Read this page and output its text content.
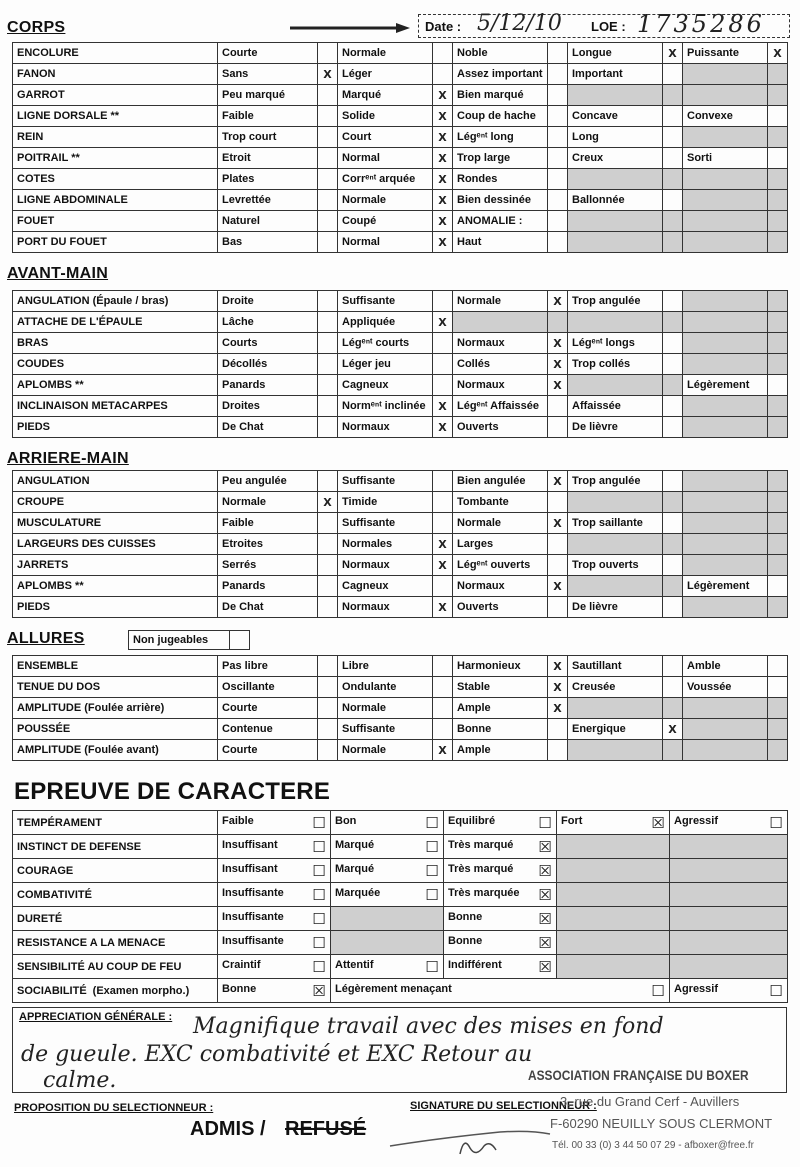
CORPS	Date : 5/12/10 LOE : 1735286
ENCOLURE	Courte		Normale		Noble		Longue	X	Puissante	X
FANON	Sans	X	Léger		Assez important		Important			
GARROT	Peu marqué		Marqué	X	Bien marqué					
LIGNE DORSALE **	Faible		Solide	X	Coup de hache		Concave		Convexe	
REIN	Trop court		Court	X	Légᵉⁿᵗ long		Long			
POITRAIL **	Etroit		Normal	X	Trop large		Creux		Sorti	
COTES	Plates		Corrᵉⁿᵗ arquée	X	Rondes					
LIGNE ABDOMINALE	Levrettée		Normale	X	Bien dessinée		Ballonnée			
FOUET	Naturel		Coupé	X	ANOMALIE :					
PORT DU FOUET	Bas		Normal	X	Haut					
AVANT-MAIN
ANGULATION (Épaule / bras)	Droite		Suffisante		Normale	X	Trop angulée			
ATTACHE DE L'ÉPAULE	Lâche		Appliquée	X						
BRAS	Courts		Légᵉⁿᵗ courts		Normaux	X	Légᵉⁿᵗ longs			
COUDES	Décollés		Léger jeu		Collés	X	Trop collés			
APLOMBS **	Panards		Cagneux		Normaux	X			Légèrement	
INCLINAISON METACARPES	Droites		Normᵉⁿᵗ inclinée	X	Légᵉⁿᵗ Affaissée		Affaissée			
PIEDS	De Chat		Normaux	X	Ouverts		De lièvre			
ARRIERE-MAIN
ANGULATION	Peu angulée		Suffisante		Bien angulée	X	Trop angulée			
CROUPE	Normale	X	Timide		Tombante					
MUSCULATURE	Faible		Suffisante		Normale	X	Trop saillante			
LARGEURS DES CUISSES	Etroites		Normales	X	Larges					
JARRETS	Serrés		Normaux	X	Légᵉⁿᵗ ouverts		Trop ouverts			
APLOMBS **	Panards		Cagneux		Normaux	X			Légèrement	
PIEDS	De Chat		Normaux	X	Ouverts		De lièvre			
ALLURES	Non jugeables
ENSEMBLE	Pas libre		Libre		Harmonieux	X	Sautillant		Amble	
TENUE DU DOS	Oscillante		Ondulante		Stable	X	Creusée		Voussée	
AMPLITUDE (Foulée arrière)	Courte		Normale		Ample	X				
POUSSÉE	Contenue		Suffisante		Bonne		Energique	X		
AMPLITUDE (Foulée avant)	Courte		Normale	X	Ample					
EPREUVE DE CARACTERE
TEMPÉRAMENT	Faible ☐	Bon ☐	Equilibré ☐	Fort ☒	Agressif ☐

INSTINCT DE DEFENSE	Insuffisant ☐	Marqué ☐	Très marqué ☒		

COURAGE	Insuffisant ☐	Marqué ☐	Très marqué ☒		

COMBATIVITÉ	Insuffisante ☐	Marquée ☐	Très marquée ☒		

DURETÉ	Insuffisante ☐		Bonne ☒		

RESISTANCE A LA MENACE	Insuffisante ☐		Bonne ☒		

SENSIBILITÉ AU COUP DE FEU	Craintif ☐	Attentif ☐	Indifférent ☒		

SOCIABILITÉ (Examen morpho.)	Bonne ☒	Légèrement menaçant ☐			Agressif ☐
APPRECIATION GÉNÉRALE : Magnifique travail avec des mises en fond
de gueule. EXC combativité et EXC Retour au
calme.	ASSOCIATION FRANÇAISE DU BOXER
PROPOSITION DU SELECTIONNEUR :	SIGNATURE DU SELECTIONNEUR :
ADMIS / REFUSÉ
3, rue du Grand Cerf - Auvillers
F-60290 NEUILLY SOUS CLERMONT
Tél. 00 33 (0) 3 44 50 07 29 - afboxer@free.fr
